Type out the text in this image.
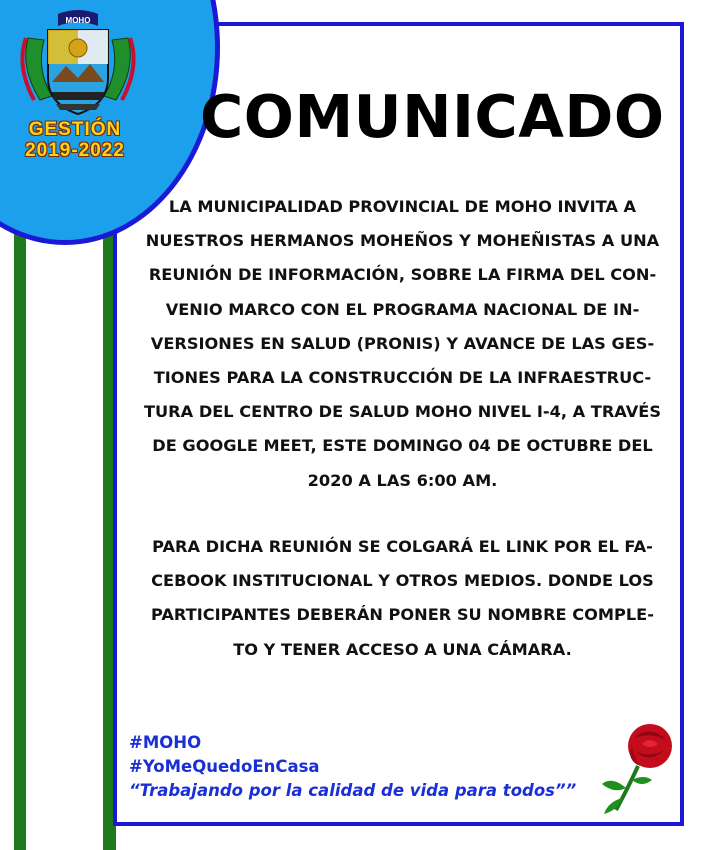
MOHO
GESTIÓN
2019-2022	COMUNICADO
LA MUNICIPALIDAD PROVINCIAL DE MOHO INVITA A
NUESTROS HERMANOS MOHEÑOS Y MOHEÑISTAS A UNA
REUNIÓN DE INFORMACIÓN, SOBRE LA FIRMA DEL CON-
VENIO MARCO CON EL PROGRAMA NACIONAL DE IN-
VERSIONES EN SALUD (PRONIS) Y AVANCE DE LAS GES-
TIONES PARA LA CONSTRUCCIÓN DE LA INFRAESTRUC-
TURA DEL CENTRO DE SALUD MOHO NIVEL I-4, A TRAVÉS
DE GOOGLE MEET, ESTE DOMINGO 04 DE OCTUBRE DEL
2020 A LAS 6:00 AM.
PARA DICHA REUNIÓN SE COLGARÁ EL LINK POR EL FA-
CEBOOK INSTITUCIONAL Y OTROS MEDIOS. DONDE LOS
PARTICIPANTES DEBERÁN PONER SU NOMBRE COMPLE-
TO Y TENER ACCESO A UNA CÁMARA.
#MOHO
#YoMeQuedoEnCasa
“Trabajando por la calidad de vida para todos””
